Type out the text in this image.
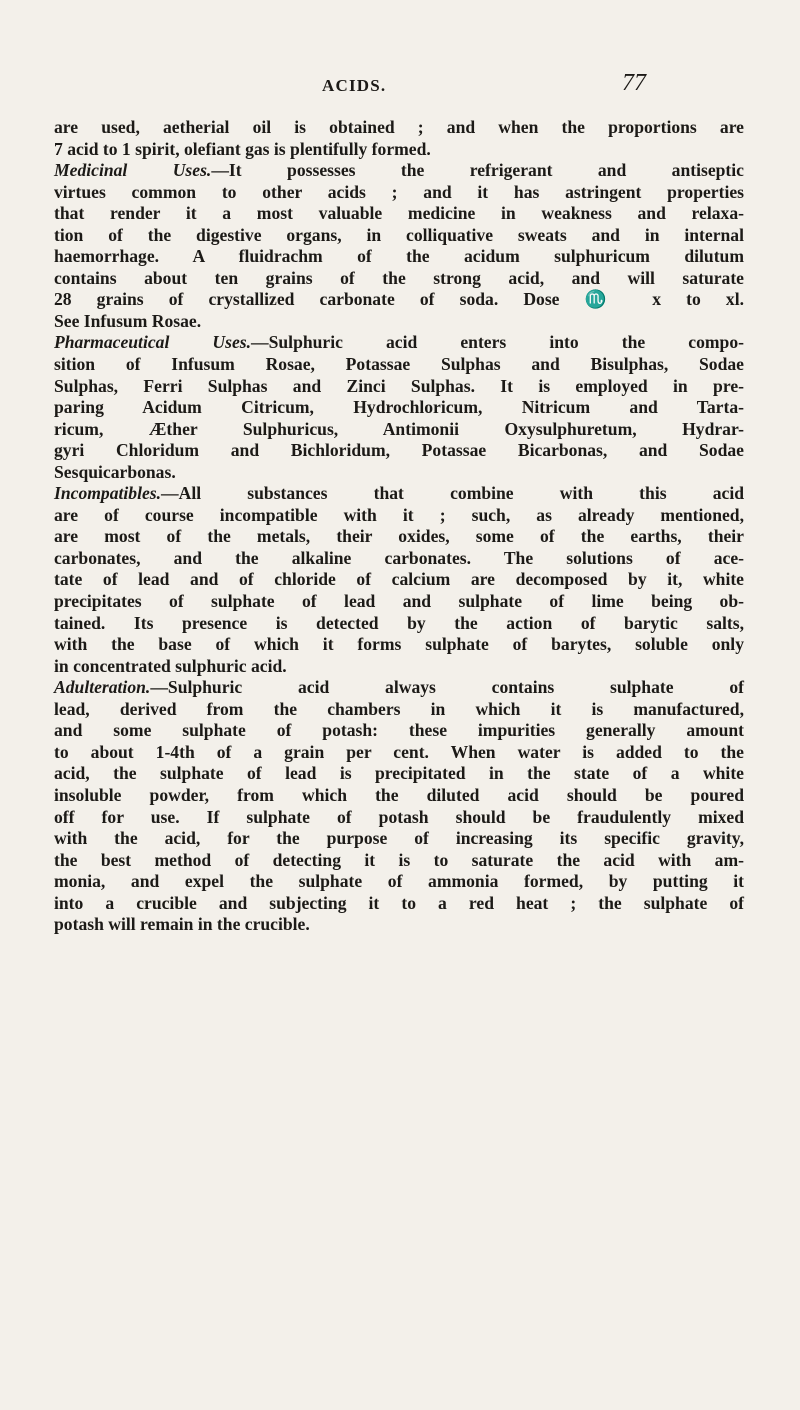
ACIDS.	77
are used, aetherial oil is obtained ; and when the proportions are
7 acid to 1 spirit, olefiant gas is plentifully formed.
Medicinal Uses.—It possesses the refrigerant and antiseptic
virtues common to other acids ; and it has astringent properties
that render it a most valuable medicine in weakness and relaxa-
tion of the digestive organs, in colliquative sweats and in internal
haemorrhage. A fluidrachm of the acidum sulphuricum dilutum
contains about ten grains of the strong acid, and will saturate
28 grains of crystallized carbonate of soda. Dose ♏ x to xl.
See Infusum Rosae.
Pharmaceutical Uses.—Sulphuric acid enters into the compo-
sition of Infusum Rosae, Potassae Sulphas and Bisulphas, Sodae
Sulphas, Ferri Sulphas and Zinci Sulphas. It is employed in pre-
paring Acidum Citricum, Hydrochloricum, Nitricum and Tarta-
ricum, Æther Sulphuricus, Antimonii Oxysulphuretum, Hydrar-
gyri Chloridum and Bichloridum, Potassae Bicarbonas, and Sodae
Sesquicarbonas.
Incompatibles.—All substances that combine with this acid
are of course incompatible with it ; such, as already mentioned,
are most of the metals, their oxides, some of the earths, their
carbonates, and the alkaline carbonates. The solutions of ace-
tate of lead and of chloride of calcium are decomposed by it, white
precipitates of sulphate of lead and sulphate of lime being ob-
tained. Its presence is detected by the action of barytic salts,
with the base of which it forms sulphate of barytes, soluble only
in concentrated sulphuric acid.
Adulteration.—Sulphuric acid always contains sulphate of
lead, derived from the chambers in which it is manufactured,
and some sulphate of potash: these impurities generally amount
to about 1-4th of a grain per cent. When water is added to the
acid, the sulphate of lead is precipitated in the state of a white
insoluble powder, from which the diluted acid should be poured
off for use. If sulphate of potash should be fraudulently mixed
with the acid, for the purpose of increasing its specific gravity,
the best method of detecting it is to saturate the acid with am-
monia, and expel the sulphate of ammonia formed, by putting it
into a crucible and subjecting it to a red heat ; the sulphate of
potash will remain in the crucible.
